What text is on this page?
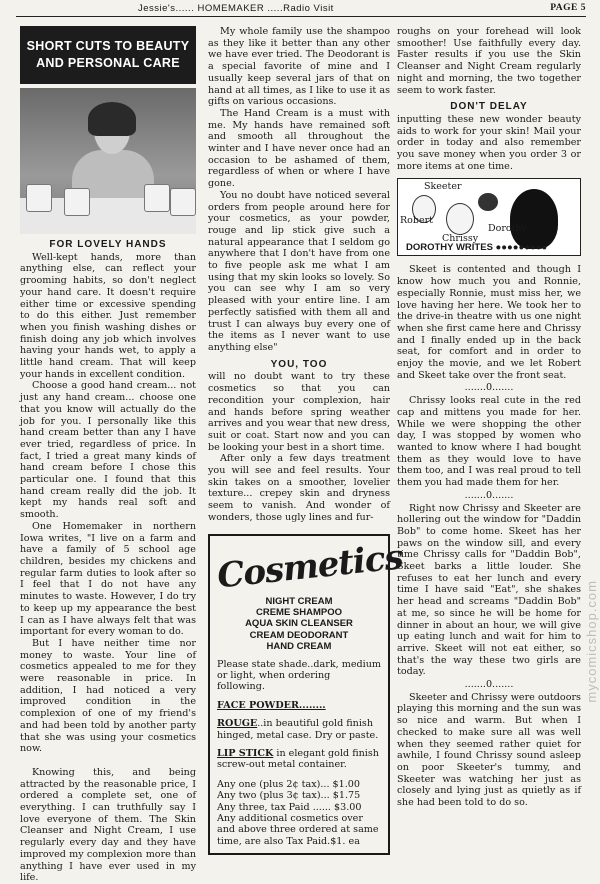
Jessie's...... HOMEMAKER .....Radio Visit	PAGE 5
SHORT CUTS TO BEAUTY AND PERSONAL CARE
FOR LOVELY HANDS

Well-kept hands, more than anything else, can reflect your grooming habits, so don't neglect your hand care. It doesn't require either time or excessive spending to do this either. Just remember when you finish washing dishes or finish doing any job which involves having your hands wet, to apply a little hand cream. That will keep your hands in excellent condition.

Choose a good hand cream... not just any hand cream... choose one that you know will actually do the job for you. I personally like this hand cream better than any I have ever tried, regardless of price. In fact, I tried a great many kinds of hand cream before I chose this particular one. I found that this hand cream really did the job. It kept my hands real soft and smooth.

One Homemaker in northern Iowa writes, "I live on a farm and have a family of 5 school age children, besides my chickens and regular farm duties to look after so I feel that I do not have any minutes to waste. However, I do try to keep up my appearance the best I can as I have always felt that was important for every woman to do.

But I have neither time nor money to waste. Your line of cosmetics appealed to me for they were reasonable in price. In addition, I had noticed a very improved condition in the complexion of one of my friend's and had been told by another party that she was using your cosmetics now.

Knowing this, and being attracted by the reasonable price, I ordered a complete set, one of everything. I can truthfully say I love everyone of them. The Skin Cleanser and Night Cream, I use regularly every day and they have improved my complexion more than anything I have ever used in my life.

My whole family use the shampoo as they like it better than any other we have ever tried. The Deodorant is a special favorite of mine and I usually keep several jars of that on hand at all times, as I like to use it as gifts on various occasions.

The Hand Cream is a must with me. My hands have remained soft and smooth all throughout the winter and I have never once had an occasion to be ashamed of them, regardless of when or where I have gone.

You no doubt have noticed several orders from people around here for your cosmetics, as your powder, rouge and lip stick give such a natural appearance that I seldom go anywhere that I don't have from one to five people ask me what I am using that my skin looks so lovely. So you can see why I am so very pleased with your entire line. I am perfectly satisfied with them all and trust I can always buy every one of the items as I never want to use anything else"

YOU, TOO

will no doubt want to try these cosmetics so that you can recondition your complexion, hair and hands before spring weather arrives and you wear that new dress, suit or coat. Start now and you can be looking your best in a short time.

After only a few days treatment you will see and feel results. Your skin takes on a smoother, lovelier texture... crepey skin and dryness seem to vanish. And wonder of wonders, those ugly lines and fur-

Cosmetics
NIGHT CREAM
CREME SHAMPOO
AQUA SKIN CLEANSER
CREAM DEODORANT
HAND CREAM
Please state shade..dark, medium or light, when ordering following.
FACE POWDER........
ROUGE..in beautiful gold finish hinged, metal case. Dry or paste.
LIP STICK in elegant gold finish screw-out metal container.
Any one (plus 2¢ tax)... $1.00
Any two (plus 3¢ tax)... $1.75
Any three, tax Paid ...... $3.00
Any additional cosmetics over and above three ordered at same time, are also Tax Paid.$1. ea

roughs on your forehead will look smoother! Use faithfully every day. Faster results if you use the Skin Cleanser and Night Cream regularly night and morning, the two together seem to work faster.

DON'T DELAY

inputting these new wonder beauty aids to work for your skin! Mail your order in today and also remember you save money when you order 3 or more items at one time.

Skeeter
Robert
Chrissy
Dorothy
DOROTHY WRITES ●●●●●●●●●

Skeet is contented and though I know how much you and Ronnie, especially Ronnie, must miss her, we love having her here. We took her to the drive-in theatre with us one night when she first came here and Chrissy and I finally ended up in the back seat, for comfort and in order to enjoy the movie, and we let Robert and Skeet take over the front seat.

.......0.......

Chrissy looks real cute in the red cap and mittens you made for her. While we were shopping the other day, I was stopped by women who wanted to know where I had bought them as they would love to have them too, and I was real proud to tell them you had made them for her.

.......0.......

Right now Chrissy and Skeeter are hollering out the window for "Daddin Bob" to come home. Skeet has her paws on the window sill, and every time Chrissy calls for "Daddin Bob", Skeet barks a little louder. She refuses to eat her lunch and every time I have said "Eat", she shakes her head and screams "Daddin Bob" at me, so since he will be home for dinner in about an hour, we will give up eating lunch and wait for him to arrive. Skeet will not eat either, so that's the way these two girls are today.

.......0.......

Skeeter and Chrissy were outdoors playing this morning and the sun was so nice and warm. But when I checked to make sure all was well when they seemed rather quiet for awhile, I found Chrissy sound asleep on poor Skeeter's tummy, and Skeeter was watching her just as closely and lying just as quietly as if she had been told to do so.

mycomicshop.com
